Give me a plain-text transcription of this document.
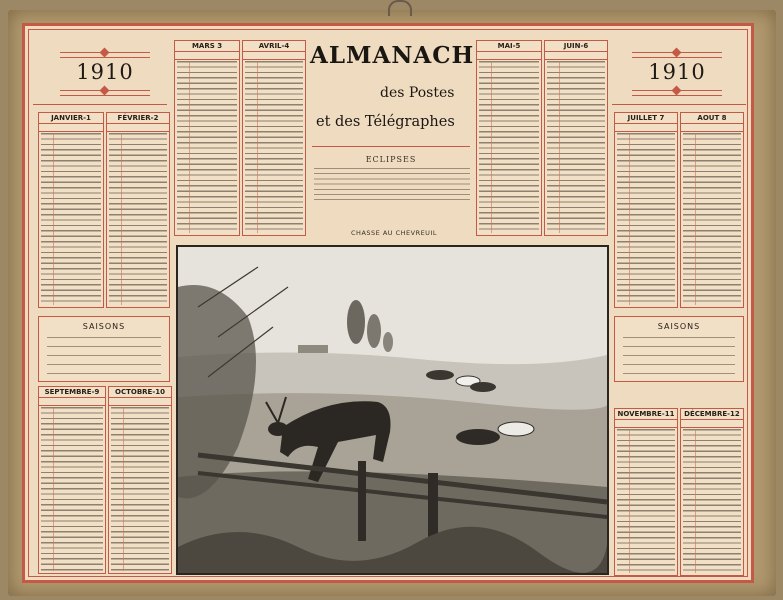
1910	1910
JANVIER-1	FÉVRIER-2
MARS 3	AVRIL-4 ALMANACH
des Postes
et des Télégraphes
ECLIPSES
MAI-5	JUIN-6
JUILLET 7	AOUT 8
CHASSE AU CHEVREUIL
SAISONS	SAISONS
SEPTEMBRE-9	OCTOBRE-10
NOVEMBRE-11	DÉCEMBRE-12
